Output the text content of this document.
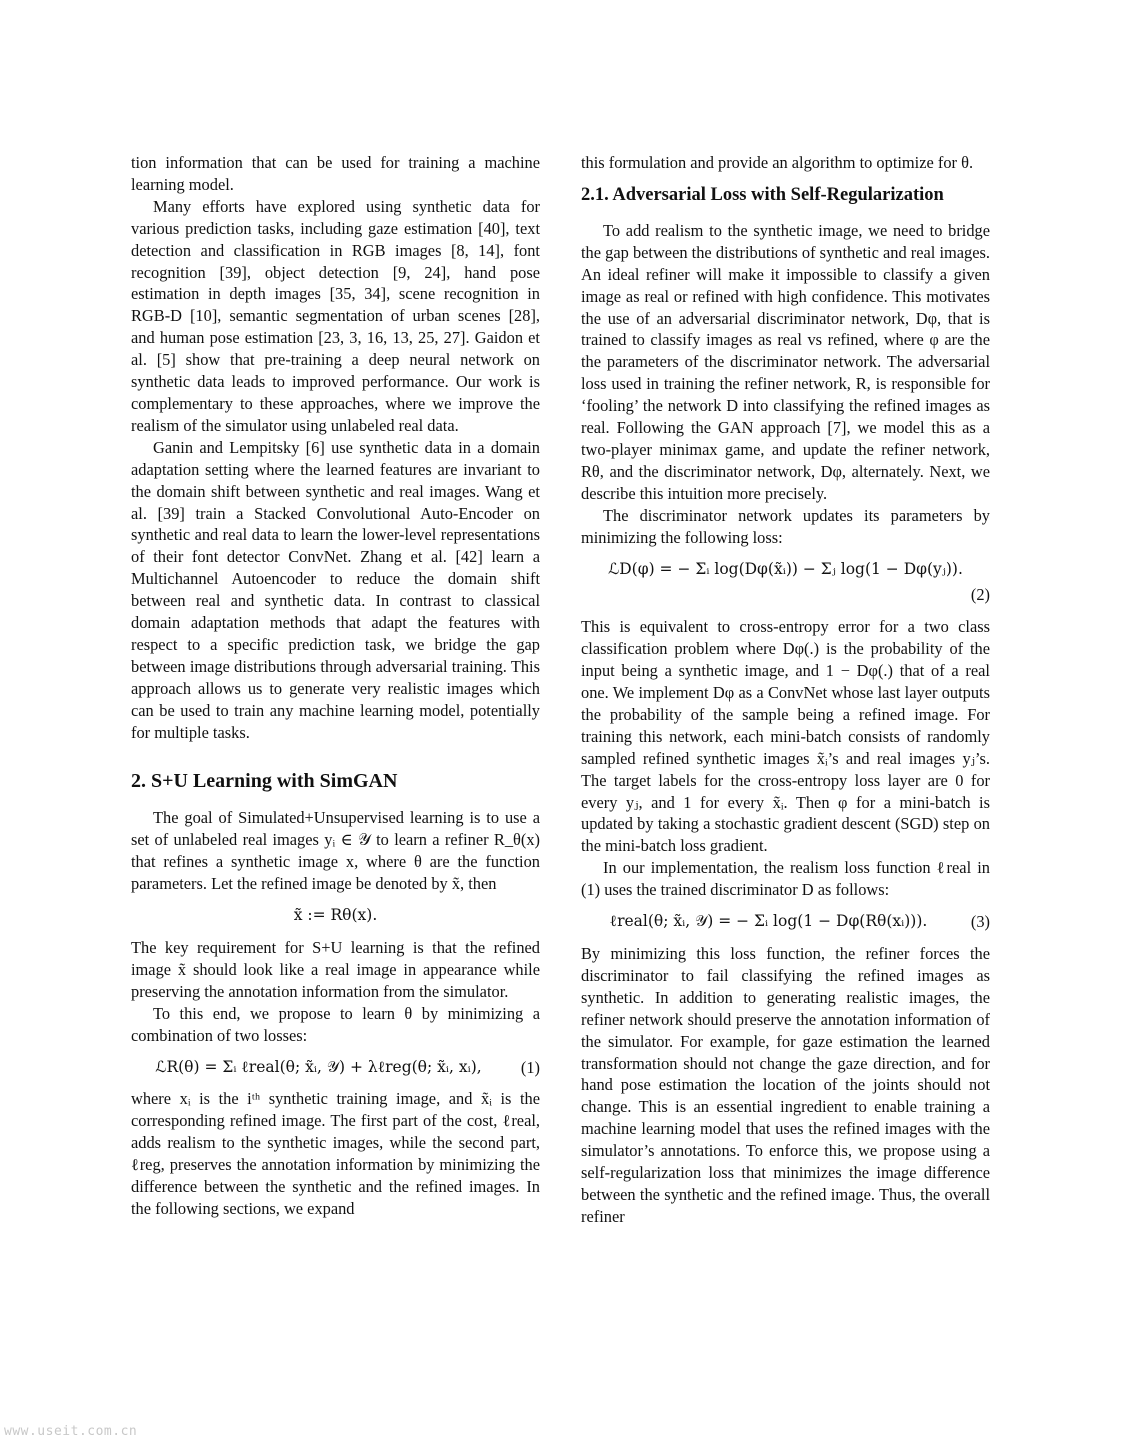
tion information that can be used for training a machine learning model.

Many efforts have explored using synthetic data for various prediction tasks, including gaze estimation [40], text detection and classification in RGB images [8, 14], font recognition [39], object detection [9, 24], hand pose estimation in depth images [35, 34], scene recognition in RGB-D [10], semantic segmentation of urban scenes [28], and human pose estimation [23, 3, 16, 13, 25, 27]. Gaidon et al. [5] show that pre-training a deep neural network on synthetic data leads to improved performance. Our work is complementary to these approaches, where we improve the realism of the simulator using unlabeled real data.

Ganin and Lempitsky [6] use synthetic data in a domain adaptation setting where the learned features are invariant to the domain shift between synthetic and real images. Wang et al. [39] train a Stacked Convolutional Auto-Encoder on synthetic and real data to learn the lower-level representations of their font detector ConvNet. Zhang et al. [42] learn a Multichannel Autoencoder to reduce the domain shift between real and synthetic data. In contrast to classical domain adaptation methods that adapt the features with respect to a specific prediction task, we bridge the gap between image distributions through adversarial training. This approach allows us to generate very realistic images which can be used to train any machine learning model, potentially for multiple tasks.

2. S+U Learning with SimGAN

The goal of Simulated+Unsupervised learning is to use a set of unlabeled real images yᵢ ∈ 𝒴 to learn a refiner R_θ(x) that refines a synthetic image x, where θ are the function parameters. Let the refined image be denoted by x̃, then

x̃ := Rθ(x).

The key requirement for S+U learning is that the refined image x̃ should look like a real image in appearance while preserving the annotation information from the simulator.

To this end, we propose to learn θ by minimizing a combination of two losses:

ℒR(θ) = Σᵢ ℓreal(θ; x̃ᵢ, 𝒴) + λℓreg(θ; x̃ᵢ, xᵢ),	(1)

where xᵢ is the iᵗʰ synthetic training image, and x̃ᵢ is the corresponding refined image. The first part of the cost, ℓreal, adds realism to the synthetic images, while the second part, ℓreg, preserves the annotation information by minimizing the difference between the synthetic and the refined images. In the following sections, we expand

this formulation and provide an algorithm to optimize for θ.

2.1. Adversarial Loss with Self-Regularization

To add realism to the synthetic image, we need to bridge the gap between the distributions of synthetic and real images. An ideal refiner will make it impossible to classify a given image as real or refined with high confidence. This motivates the use of an adversarial discriminator network, Dφ, that is trained to classify images as real vs refined, where φ are the the parameters of the discriminator network. The adversarial loss used in training the refiner network, R, is responsible for ‘fooling’ the network D into classifying the refined images as real. Following the GAN approach [7], we model this as a two-player minimax game, and update the refiner network, Rθ, and the discriminator network, Dφ, alternately. Next, we describe this intuition more precisely.

The discriminator network updates its parameters by minimizing the following loss:

ℒD(φ) = − Σᵢ log(Dφ(x̃ᵢ)) − Σⱼ log(1 − Dφ(yⱼ)).
(2)

This is equivalent to cross-entropy error for a two class classification problem where Dφ(.) is the probability of the input being a synthetic image, and 1 − Dφ(.) that of a real one. We implement Dφ as a ConvNet whose last layer outputs the probability of the sample being a refined image. For training this network, each mini-batch consists of randomly sampled refined synthetic images x̃ᵢ’s and real images yⱼ’s. The target labels for the cross-entropy loss layer are 0 for every yⱼ, and 1 for every x̃ᵢ. Then φ for a mini-batch is updated by taking a stochastic gradient descent (SGD) step on the mini-batch loss gradient.

In our implementation, the realism loss function ℓreal in (1) uses the trained discriminator D as follows:

ℓreal(θ; x̃ᵢ, 𝒴) = − Σᵢ log(1 − Dφ(Rθ(xᵢ))).	(3)

By minimizing this loss function, the refiner forces the discriminator to fail classifying the refined images as synthetic. In addition to generating realistic images, the refiner network should preserve the annotation information of the simulator. For example, for gaze estimation the learned transformation should not change the gaze direction, and for hand pose estimation the location of the joints should not change. This is an essential ingredient to enable training a machine learning model that uses the refined images with the simulator’s annotations. To enforce this, we propose using a self-regularization loss that minimizes the image difference between the synthetic and the refined image. Thus, the overall refiner

www.useit.com.cn
